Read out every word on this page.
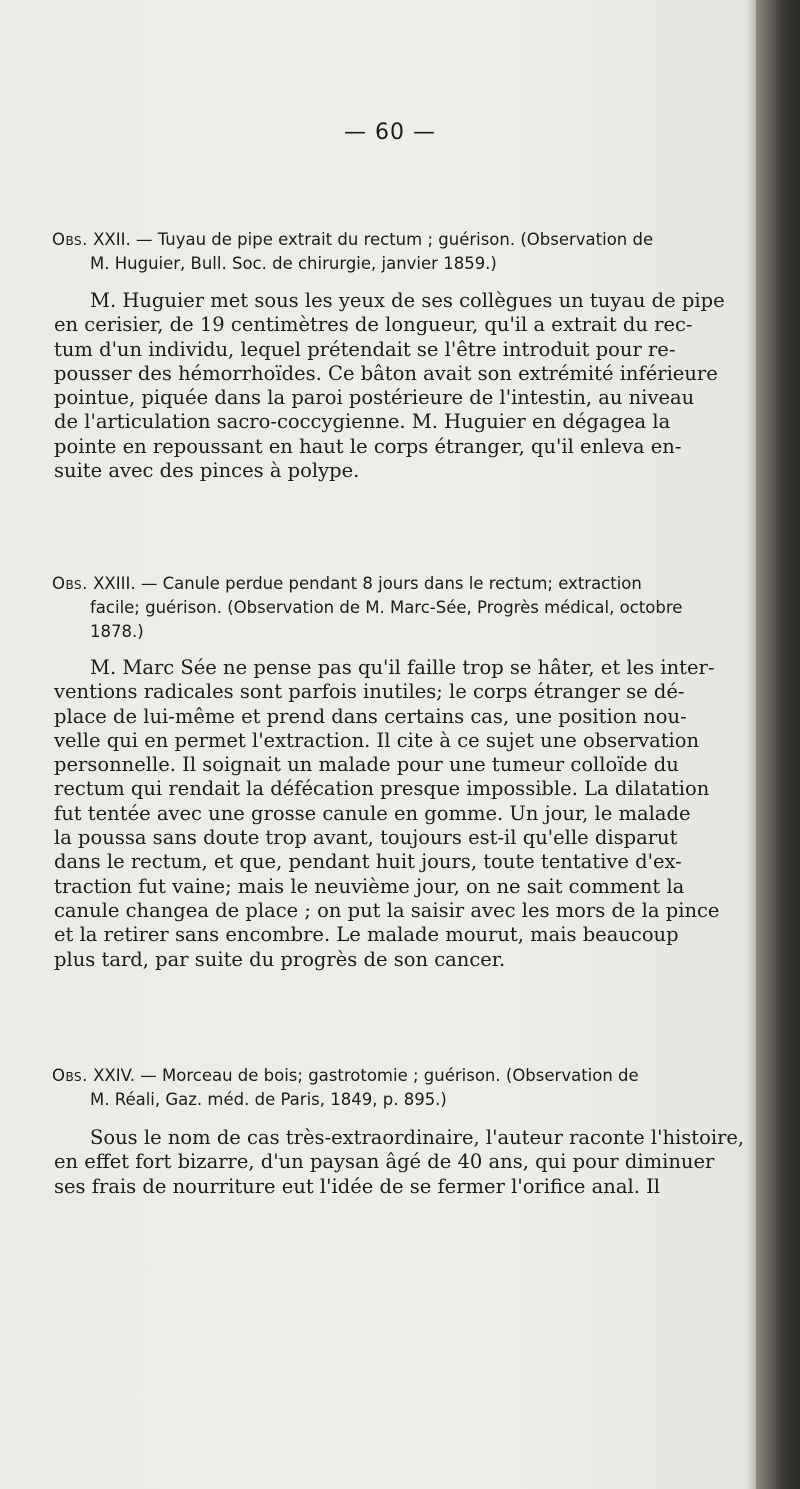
— 60 —
Obs. XXII. — Tuyau de pipe extrait du rectum ; guérison. (Observation de
M. Huguier, Bull. Soc. de chirurgie, janvier 1859.)
M. Huguier met sous les yeux de ses collègues un tuyau de pipe
en cerisier, de 19 centimètres de longueur, qu'il a extrait du rec-
tum d'un individu, lequel prétendait se l'être introduit pour re-
pousser des hémorrhoïdes. Ce bâton avait son extrémité inférieure
pointue, piquée dans la paroi postérieure de l'intestin, au niveau
de l'articulation sacro-coccygienne. M. Huguier en dégagea la
pointe en repoussant en haut le corps étranger, qu'il enleva en-
suite avec des pinces à polype.
Obs. XXIII. — Canule perdue pendant 8 jours dans le rectum; extraction
facile; guérison. (Observation de M. Marc-Sée, Progrès médical, octobre
1878.)
M. Marc Sée ne pense pas qu'il faille trop se hâter, et les inter-
ventions radicales sont parfois inutiles; le corps étranger se dé-
place de lui-même et prend dans certains cas, une position nou-
velle qui en permet l'extraction. Il cite à ce sujet une observation
personnelle. Il soignait un malade pour une tumeur colloïde du
rectum qui rendait la défécation presque impossible. La dilatation
fut tentée avec une grosse canule en gomme. Un jour, le malade
la poussa sans doute trop avant, toujours est-il qu'elle disparut
dans le rectum, et que, pendant huit jours, toute tentative d'ex-
traction fut vaine; mais le neuvième jour, on ne sait comment la
canule changea de place ; on put la saisir avec les mors de la pince
et la retirer sans encombre. Le malade mourut, mais beaucoup
plus tard, par suite du progrès de son cancer.
Obs. XXIV. — Morceau de bois; gastrotomie ; guérison. (Observation de
M. Réali, Gaz. méd. de Paris, 1849, p. 895.)
Sous le nom de cas très-extraordinaire, l'auteur raconte l'histoire,
en effet fort bizarre, d'un paysan âgé de 40 ans, qui pour diminuer
ses frais de nourriture eut l'idée de se fermer l'orifice anal. Il
